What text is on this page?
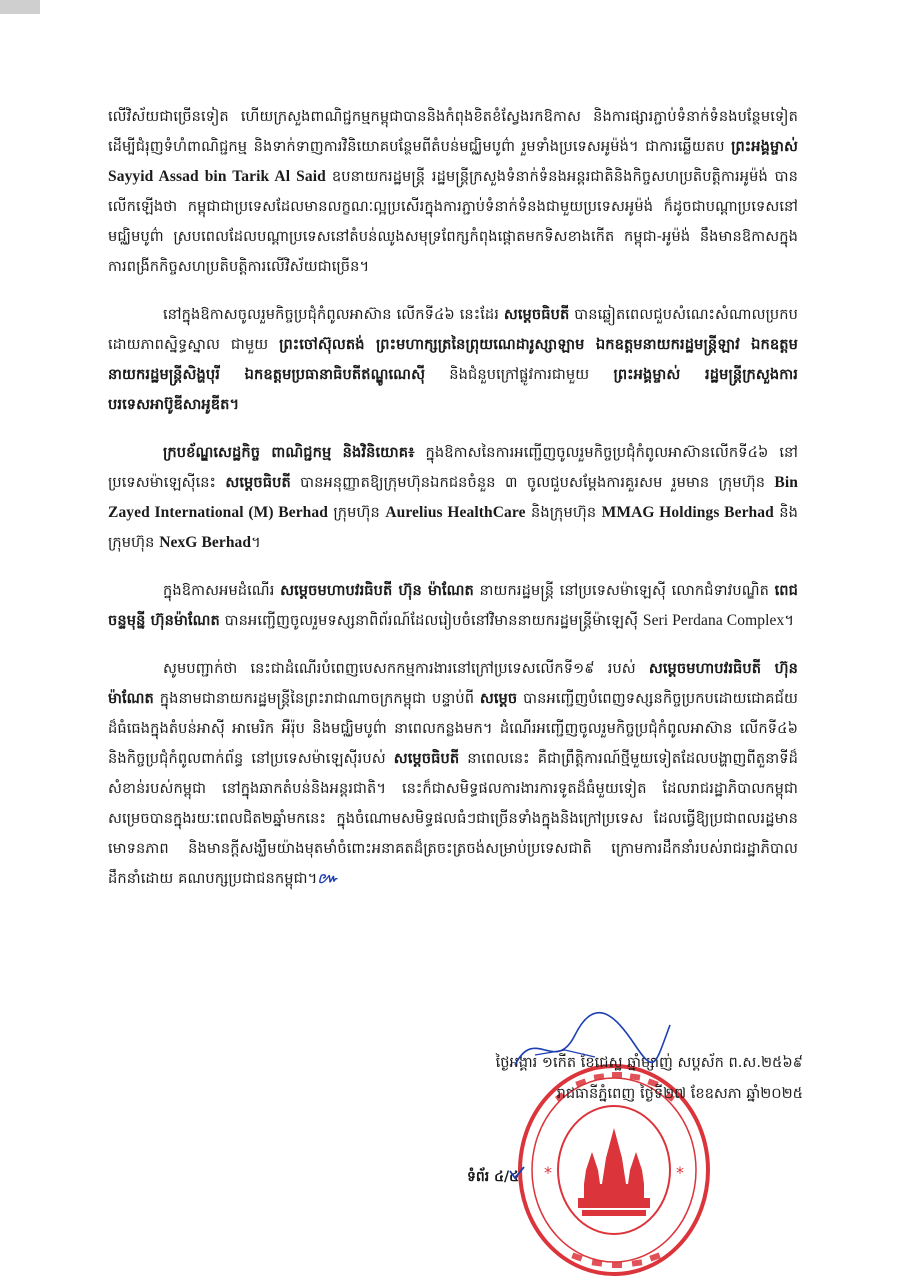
លើវិស័យជាច្រើនទៀត ហើយក្រសួងពាណិជ្ជកម្មកម្ពុជាបាននិងកំពុងខិតខំស្វែងរកឱកាស និងការផ្សារភ្ជាប់ទំនាក់ទំនងបន្ថែមទៀត ដើម្បីជំរុញទំហំពាណិជ្ជកម្ម និងទាក់ទាញការវិនិយោគបន្ថែមពីតំបន់មជ្ឈិមបូព៌ា រួមទាំងប្រទេសអូម៉ង់។ ជាការឆ្លើយតប ព្រះអង្គម្ចាស់ Sayyid Assad bin Tarik Al Said ឧបនាយករដ្ឋមន្ត្រី រដ្ឋមន្ត្រីក្រសួងទំនាក់ទំនងអន្តរជាតិនិងកិច្ចសហប្រតិបត្តិការអូម៉ង់ បានលើកឡើងថា កម្ពុជាជាប្រទេសដែលមានលក្ខណៈល្អប្រសើរក្នុងការភ្ជាប់ទំនាក់ទំនងជាមួយប្រទេសអូម៉ង់ ក៏ដូចជាបណ្តាប្រទេសនៅមជ្ឈិមបូព៌ា ស្របពេលដែលបណ្តាប្រទេសនៅតំបន់ឈូងសមុទ្រពែក្សកំពុងផ្តោតមកទិសខាងកើត កម្ពុជា-អូម៉ង់ នឹងមានឱកាសក្នុងការពង្រីកកិច្ចសហប្រតិបត្តិការលើវិស័យជាច្រើន។

នៅក្នុងឱកាសចូលរួមកិច្ចប្រជុំកំពូលអាស៊ាន លើកទី៤៦ នេះដែរ សម្តេចធិបតី បានឆ្លៀតពេលជួបសំណេះសំណាលប្រកបដោយភាពស្និទ្ធស្នាល ជាមួយ ព្រះចៅស៊ុលតង់ ព្រះមហាក្សត្រនៃព្រុយណេដារូស្សាឡាម ឯកឧត្តមនាយករដ្ឋមន្ត្រីឡាវ ឯកឧត្តមនាយករដ្ឋមន្ត្រីសិង្ហបុរី ឯកឧត្តមប្រធានាធិបតីឥណ្ឌូណេស៊ី និងជំនួបក្រៅផ្លូវការជាមួយ ព្រះអង្គម្ចាស់ រដ្ឋមន្ត្រីក្រសួងការបរទេសអាប៊ូឌីសាអូឌីត។

ក្របខ័ណ្ឌសេដ្ឋកិច្ច ពាណិជ្ជកម្ម និងវិនិយោគ៖ ក្នុងឱកាសនៃការអញ្ជើញចូលរួមកិច្ចប្រជុំកំពូលអាស៊ានលើកទី៤៦ នៅប្រទេសម៉ាឡេស៊ីនេះ សម្តេចធិបតី បានអនុញ្ញាតឱ្យក្រុមហ៊ុនឯកជនចំនួន ៣ ចូលជួបសម្តែងការគួរសម រួមមាន ក្រុមហ៊ុន Bin Zayed International (M) Berhad ក្រុមហ៊ុន Aurelius HealthCare និងក្រុមហ៊ុន MMAG Holdings Berhad និងក្រុមហ៊ុន NexG Berhad។

ក្នុងឱកាសអមដំណើរ សម្តេចមហាបវរធិបតី ហ៊ុន ម៉ាណែត នាយករដ្ឋមន្ត្រី នៅប្រទេសម៉ាឡេស៊ី លោកជំទាវបណ្ឌិត ពេជ ចន្ទមុន្នី ហ៊ុនម៉ាណែត បានអញ្ជើញចូលរួមទស្សនាពិព័រណ៍ដែលរៀបចំនៅវិមាននាយករដ្ឋមន្ត្រីម៉ាឡេស៊ី Seri Perdana Complex។

សូមបញ្ជាក់ថា នេះជាដំណើរបំពេញបេសកកម្មការងារនៅក្រៅប្រទេសលើកទី១៩ របស់ សម្តេចមហាបវរធិបតី ហ៊ុន ម៉ាណែត ក្នុងនាមជានាយករដ្ឋមន្ត្រីនៃព្រះរាជាណាចក្រកម្ពុជា បន្ទាប់ពី សម្តេច បានអញ្ជើញបំពេញទស្សនកិច្ចប្រកបដោយជោគជ័យដ៏ធំធេងក្នុងតំបន់អាស៊ី អាមេរិក អឺរ៉ុប និងមជ្ឈិមបូព៌ា នាពេលកន្លងមក។ ដំណើរអញ្ជើញចូលរួមកិច្ចប្រជុំកំពូលអាស៊ាន លើកទី៤៦ និងកិច្ចប្រជុំកំពូលពាក់ព័ន្ធ នៅប្រទេសម៉ាឡេស៊ីរបស់ សម្តេចធិបតី នាពេលនេះ គឺជាព្រឹត្តិការណ៍ថ្មីមួយទៀតដែលបង្ហាញពីតួនាទីដ៏សំខាន់របស់កម្ពុជា នៅក្នុងឆាកតំបន់និងអន្តរជាតិ។ នេះក៏ជាសមិទ្ធផលការងារការទូតដ៏ធំមួយទៀត ដែលរាជរដ្ឋាភិបាលកម្ពុជាសម្រេចបានក្នុងរយៈពេលជិត២ឆ្នាំមកនេះ ក្នុងចំណោមសមិទ្ធផលធំៗជាច្រើនទាំងក្នុងនិងក្រៅប្រទេស ដែលធ្វើឱ្យប្រជាពលរដ្ឋមានមោទនភាព និងមានក្តីសង្ឃឹមយ៉ាងមុតមាំចំពោះអនាគតដ៏ត្រចះត្រចង់សម្រាប់ប្រទេសជាតិ ក្រោមការដឹកនាំរបស់រាជរដ្ឋាភិបាលដឹកនាំដោយ គណបក្សប្រជាជនកម្ពុជា។៚

ថ្ងៃអង្គារ ១កើត ខែជេស្ឋ ឆ្នាំម្សាញ់ សប្តស័ក ព.ស.២៥៦៩
រាជធានីភ្នំពេញ ថ្ងៃទី២៧ ខែឧសភា ឆ្នាំ២០២៥
*	*
ទំព័រ ៤/៤
